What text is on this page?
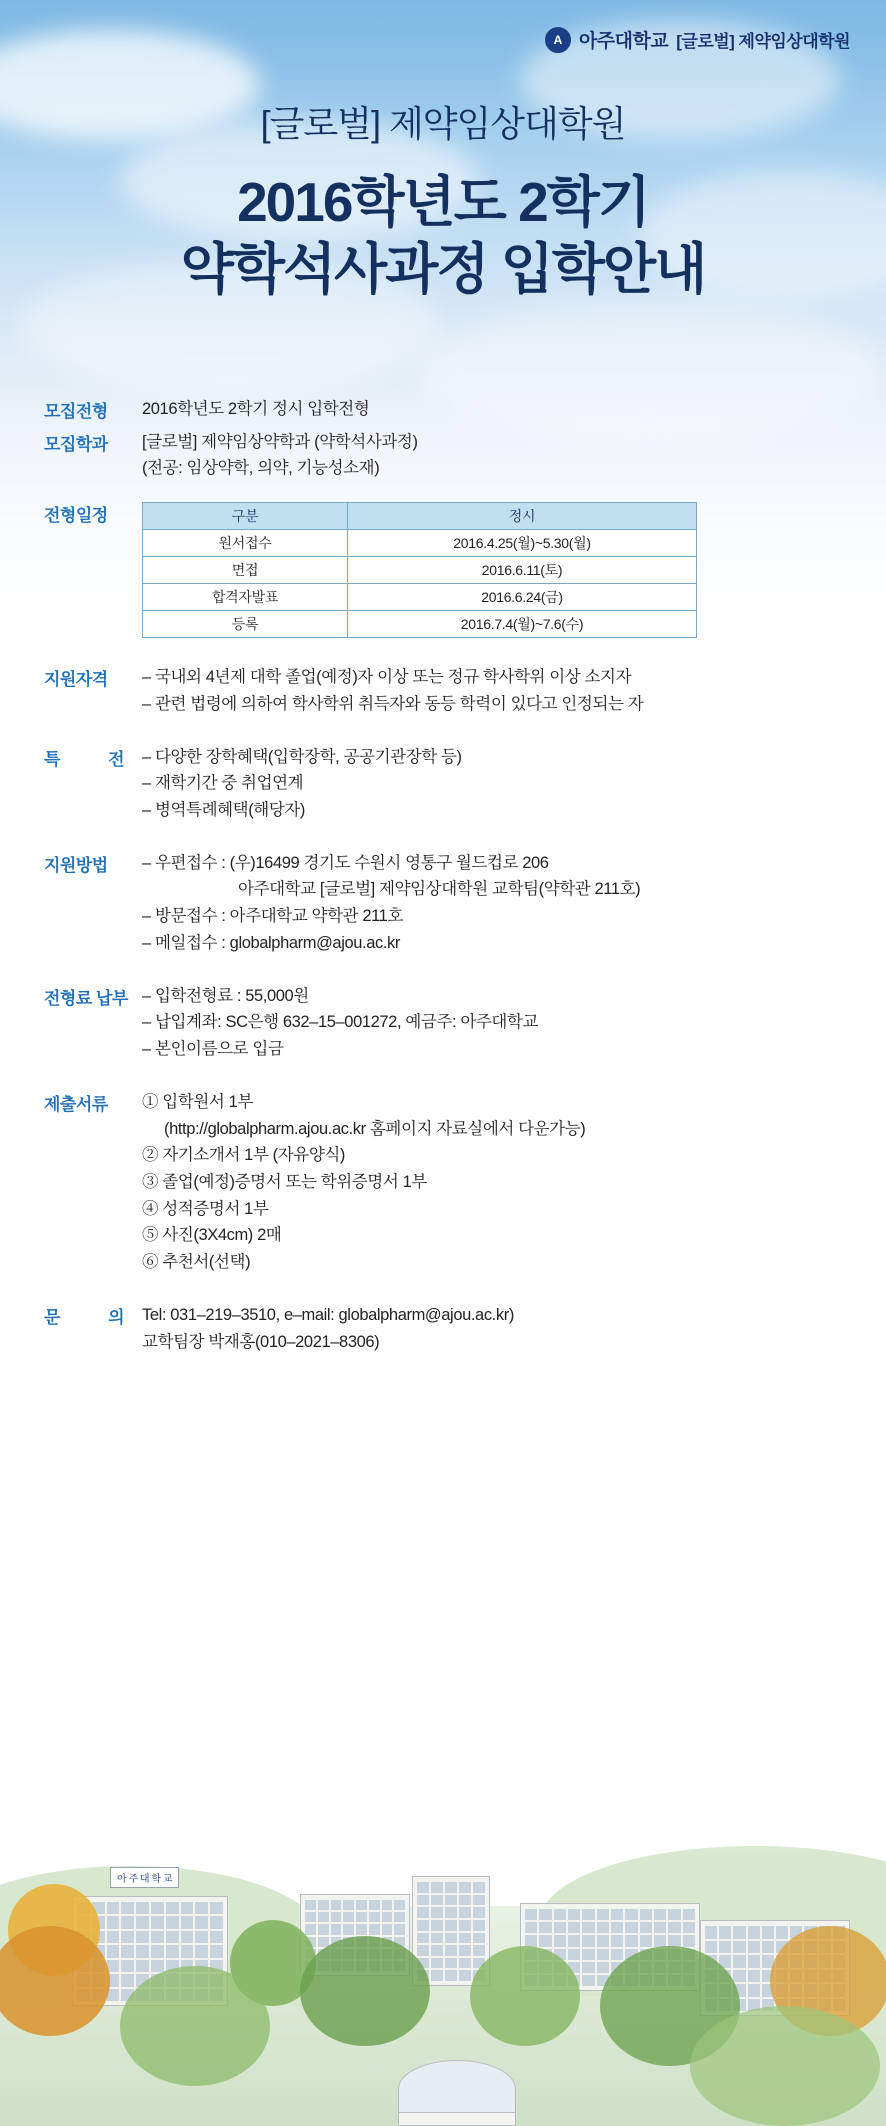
A 아주대학교 [글로벌] 제약임상대학원
[글로벌] 제약임상대학원
2016학년도 2학기
약학석사과정 입학안내
모집전형	2016학년도 2학기 정시 입학전형
모집학과	[글로벌] 제약임상약학과 (약학석사과정)
(전공: 임상약학, 의약, 기능성소재)
전형일정	구분	정시
원서접수	2016.4.25(월)~5.30(월)
면접	2016.6.11(토)
합격자발표	2016.6.24(금)
등록	2016.7.4(월)~7.6(수)
지원자격	– 국내외 4년제 대학 졸업(예정)자 이상 또는 정규 학사학위 이상 소지자
– 관련 법령에 의하여 학사학위 취득자와 동등 학력이 있다고 인정되는 자
특	전 – 다양한 장학혜택(입학장학, 공공기관장학 등)
– 재학기간 중 취업연계
– 병역특례혜택(해당자)
지원방법	– 우편접수 : (우)16499 경기도 수원시 영통구 월드컵로 206
아주대학교 [글로벌] 제약임상대학원 교학팀(약학관 211호)
– 방문접수 : 아주대학교 약학관 211호
– 메일접수 : globalpharm@ajou.ac.kr
전형료 납부 – 입학전형료 : 55,000원
– 납입계좌: SC은행 632–15–001272, 예금주: 아주대학교
– 본인이름으로 입금
제출서류	① 입학원서 1부
(http://globalpharm.ajou.ac.kr 홈페이지 자료실에서 다운가능)
② 자기소개서 1부 (자유양식)
③ 졸업(예정)증명서 또는 학위증명서 1부
④ 성적증명서 1부
⑤ 사진(3X4cm) 2매
⑥ 추천서(선택)
문	의 Tel: 031–219–3510, e–mail: globalpharm@ajou.ac.kr)
교학팀장 박재홍(010–2021–8306)
아 주 대 학 교
